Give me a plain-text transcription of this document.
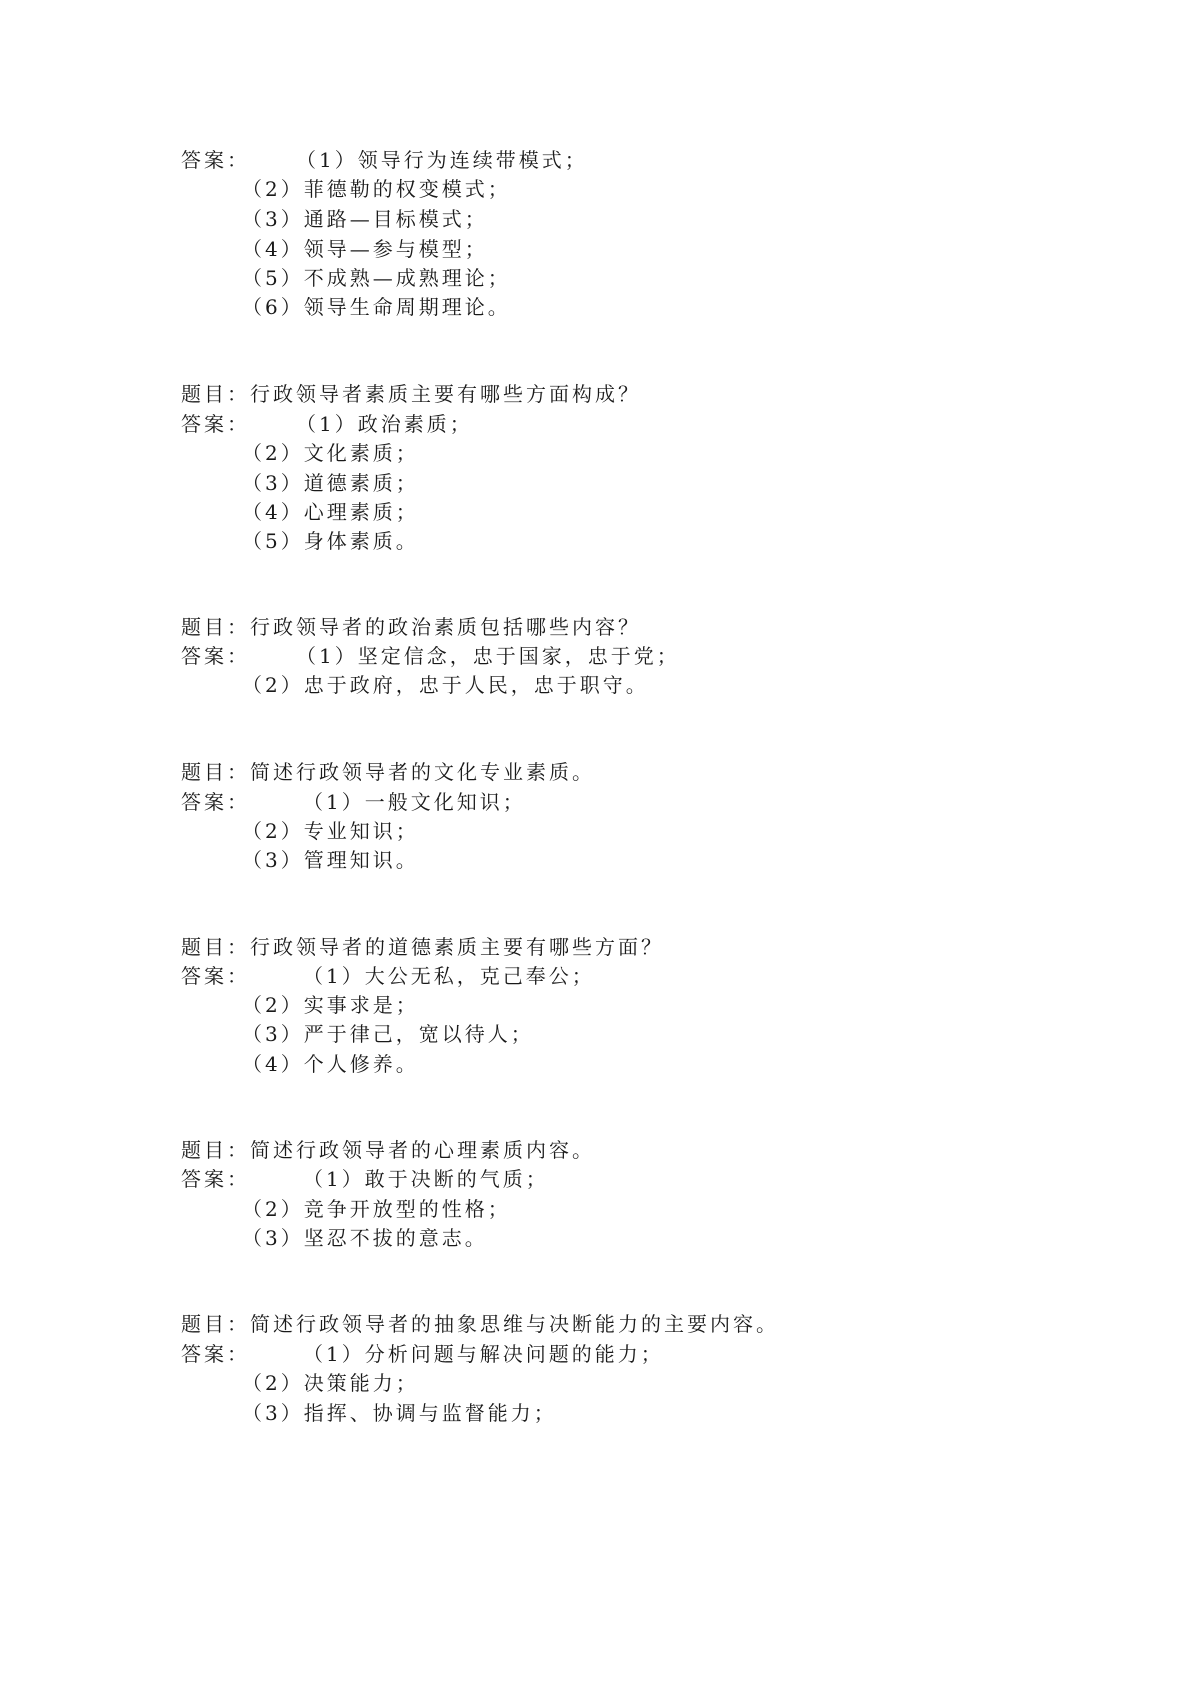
答案： （1）领导行为连续带模式；
（2）菲德勒的权变模式；
（3）通路—目标模式；
（4）领导—参与模型；
（5）不成熟—成熟理论；
（6）领导生命周期理论。
题目：行政领导者素质主要有哪些方面构成？
答案： （1）政治素质；
（2）文化素质；
（3）道德素质；
（4）心理素质；
（5）身体素质。
题目：行政领导者的政治素质包括哪些内容？
答案： （1）坚定信念，忠于国家，忠于党；
（2）忠于政府，忠于人民，忠于职守。
题目：简述行政领导者的文化专业素质。
答案：	（1）一般文化知识；
（2）专业知识；
（3）管理知识。
题目：行政领导者的道德素质主要有哪些方面？
答案：	（1）大公无私，克己奉公；
（2）实事求是；
（3）严于律己，宽以待人；
（4）个人修养。
题目：简述行政领导者的心理素质内容。
答案：	（1）敢于决断的气质；
（2）竞争开放型的性格；
（3）坚忍不拔的意志。
题目：简述行政领导者的抽象思维与决断能力的主要内容。
答案：	（1）分析问题与解决问题的能力；
（2）决策能力；
（3）指挥、协调与监督能力；
